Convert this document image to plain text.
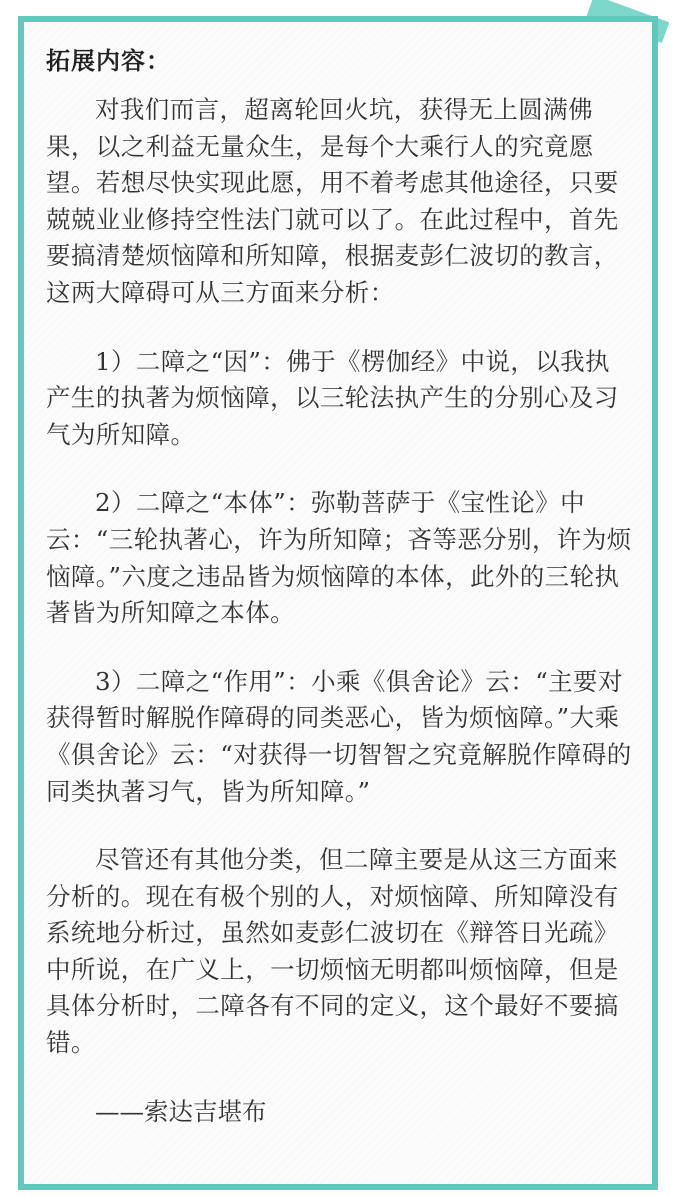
拓展内容：

对我们而言，超离轮回火坑，获得无上圆满佛果，以之利益无量众生，是每个大乘行人的究竟愿望。若想尽快实现此愿，用不着考虑其他途径，只要兢兢业业修持空性法门就可以了。在此过程中，首先要搞清楚烦恼障和所知障，根据麦彭仁波切的教言，这两大障碍可从三方面来分析：

1）二障之“因”：佛于《楞伽经》中说，以我执产生的执著为烦恼障，以三轮法执产生的分别心及习气为所知障。

2）二障之“本体”：弥勒菩萨于《宝性论》中云：“三轮执著心，许为所知障；吝等恶分别，许为烦恼障。”六度之违品皆为烦恼障的本体，此外的三轮执著皆为所知障之本体。

3）二障之“作用”：小乘《俱舍论》云：“主要对获得暂时解脱作障碍的同类恶心，皆为烦恼障。”大乘《俱舍论》云：“对获得一切智智之究竟解脱作障碍的同类执著习气，皆为所知障。”

尽管还有其他分类，但二障主要是从这三方面来分析的。现在有极个别的人，对烦恼障、所知障没有系统地分析过，虽然如麦彭仁波切在《辩答日光疏》中所说，在广义上，一切烦恼无明都叫烦恼障，但是具体分析时，二障各有不同的定义，这个最好不要搞错。

——索达吉堪布
